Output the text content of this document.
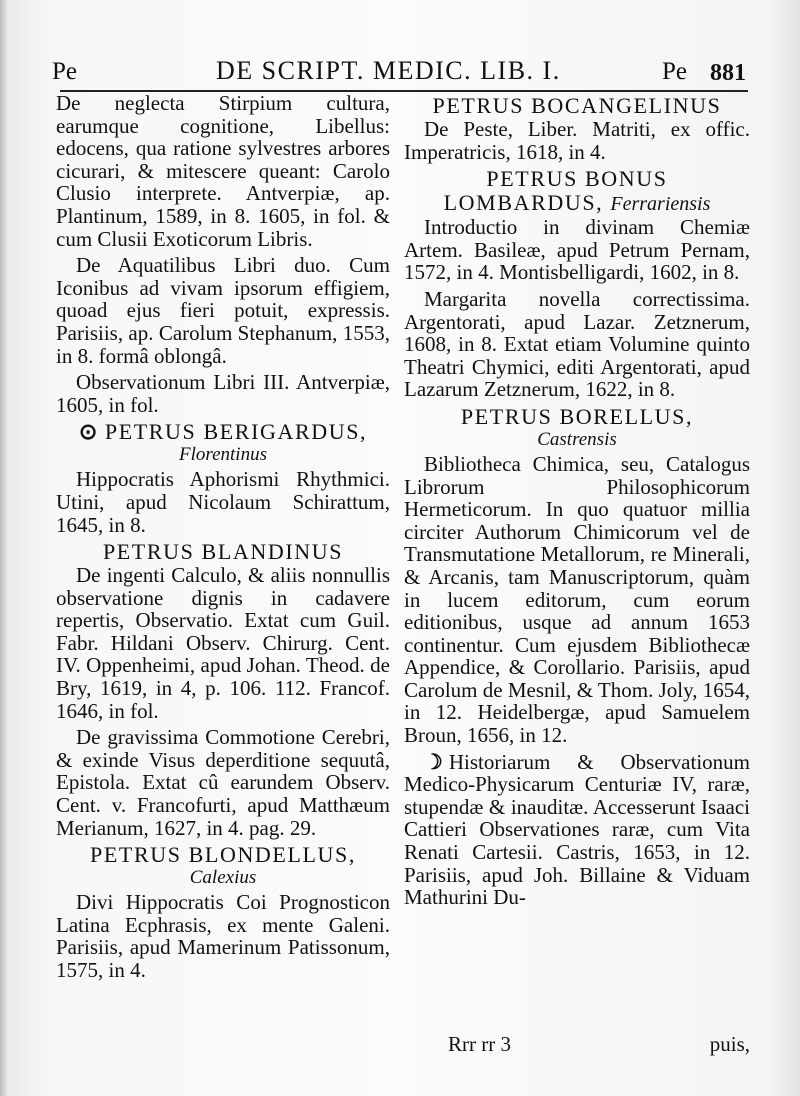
Pe	DE SCRIPT. MEDIC. LIB. I.	Pe 881

De neglecta Stirpium cultura, earumque cognitione, Libellus: edocens, qua ratione sylvestres arbores cicurari, & mitescere queant: Carolo Clusio interprete. Antverpiæ, ap. Plantinum, 1589, in 8. 1605, in fol. & cum Clusii Exoticorum Libris.

De Aquatilibus Libri duo. Cum Iconibus ad vivam ipsorum effigiem, quoad ejus fieri potuit, expressis. Parisiis, ap. Carolum Stephanum, 1553, in 8. formâ oblongâ.

Observationum Libri III. Antverpiæ, 1605, in fol.

⊙ PETRUS BERIGARDUS,
Florentinus

Hippocratis Aphorismi Rhythmici. Utini, apud Nicolaum Schirattum, 1645, in 8.

PETRUS BLANDINUS

De ingenti Calculo, & aliis nonnullis observatione dignis in cadavere repertis, Observatio. Extat cum Guil. Fabr. Hildani Observ. Chirurg. Cent. IV. Oppenheimi, apud Johan. Theod. de Bry, 1619, in 4, p. 106. 112. Francof. 1646, in fol.

De gravissima Commotione Cerebri, & exinde Visus deperditione sequutâ, Epistola. Extat cû earundem Observ. Cent. v. Francofurti, apud Matthæum Merianum, 1627, in 4. pag. 29.

PETRUS BLONDELLUS,
Calexius

Divi Hippocratis Coi Prognosticon Latina Ecphrasis, ex mente Galeni. Parisiis, apud Mamerinum Patissonum, 1575, in 4.

PETRUS BOCANGELINUS

De Peste, Liber. Matriti, ex offic. Imperatricis, 1618, in 4.

PETRUS BONUS LOMBARDUS, Ferrariensis

Introductio in divinam Chemiæ Artem. Basileæ, apud Petrum Pernam, 1572, in 4. Montisbelligardi, 1602, in 8.

Margarita novella correctissima. Argentorati, apud Lazar. Zetznerum, 1608, in 8. Extat etiam Volumine quinto Theatri Chymici, editi Argentorati, apud Lazarum Zetznerum, 1622, in 8.

PETRUS BORELLUS,
Castrensis

Bibliotheca Chimica, seu, Catalogus Librorum Philosophicorum Hermeticorum. In quo quatuor millia circiter Authorum Chimicorum vel de Transmutatione Metallorum, re Minerali, & Arcanis, tam Manuscriptorum, quàm in lucem editorum, cum eorum editionibus, usque ad annum 1653 continentur. Cum ejusdem Bibliothecæ Appendice, & Corollario. Parisiis, apud Carolum de Mesnil, & Thom. Joly, 1654, in 12. Heidelbergæ, apud Samuelem Broun, 1656, in 12.

☽ Historiarum & Observationum Medico-Physicarum Centuriæ IV, raræ, stupendæ & inauditæ. Accesserunt Isaaci Cattieri Observationes raræ, cum Vita Renati Cartesii. Castris, 1653, in 12. Parisiis, apud Joh. Billaine & Viduam Mathurini Du-

Rrr rr 3	puis,
